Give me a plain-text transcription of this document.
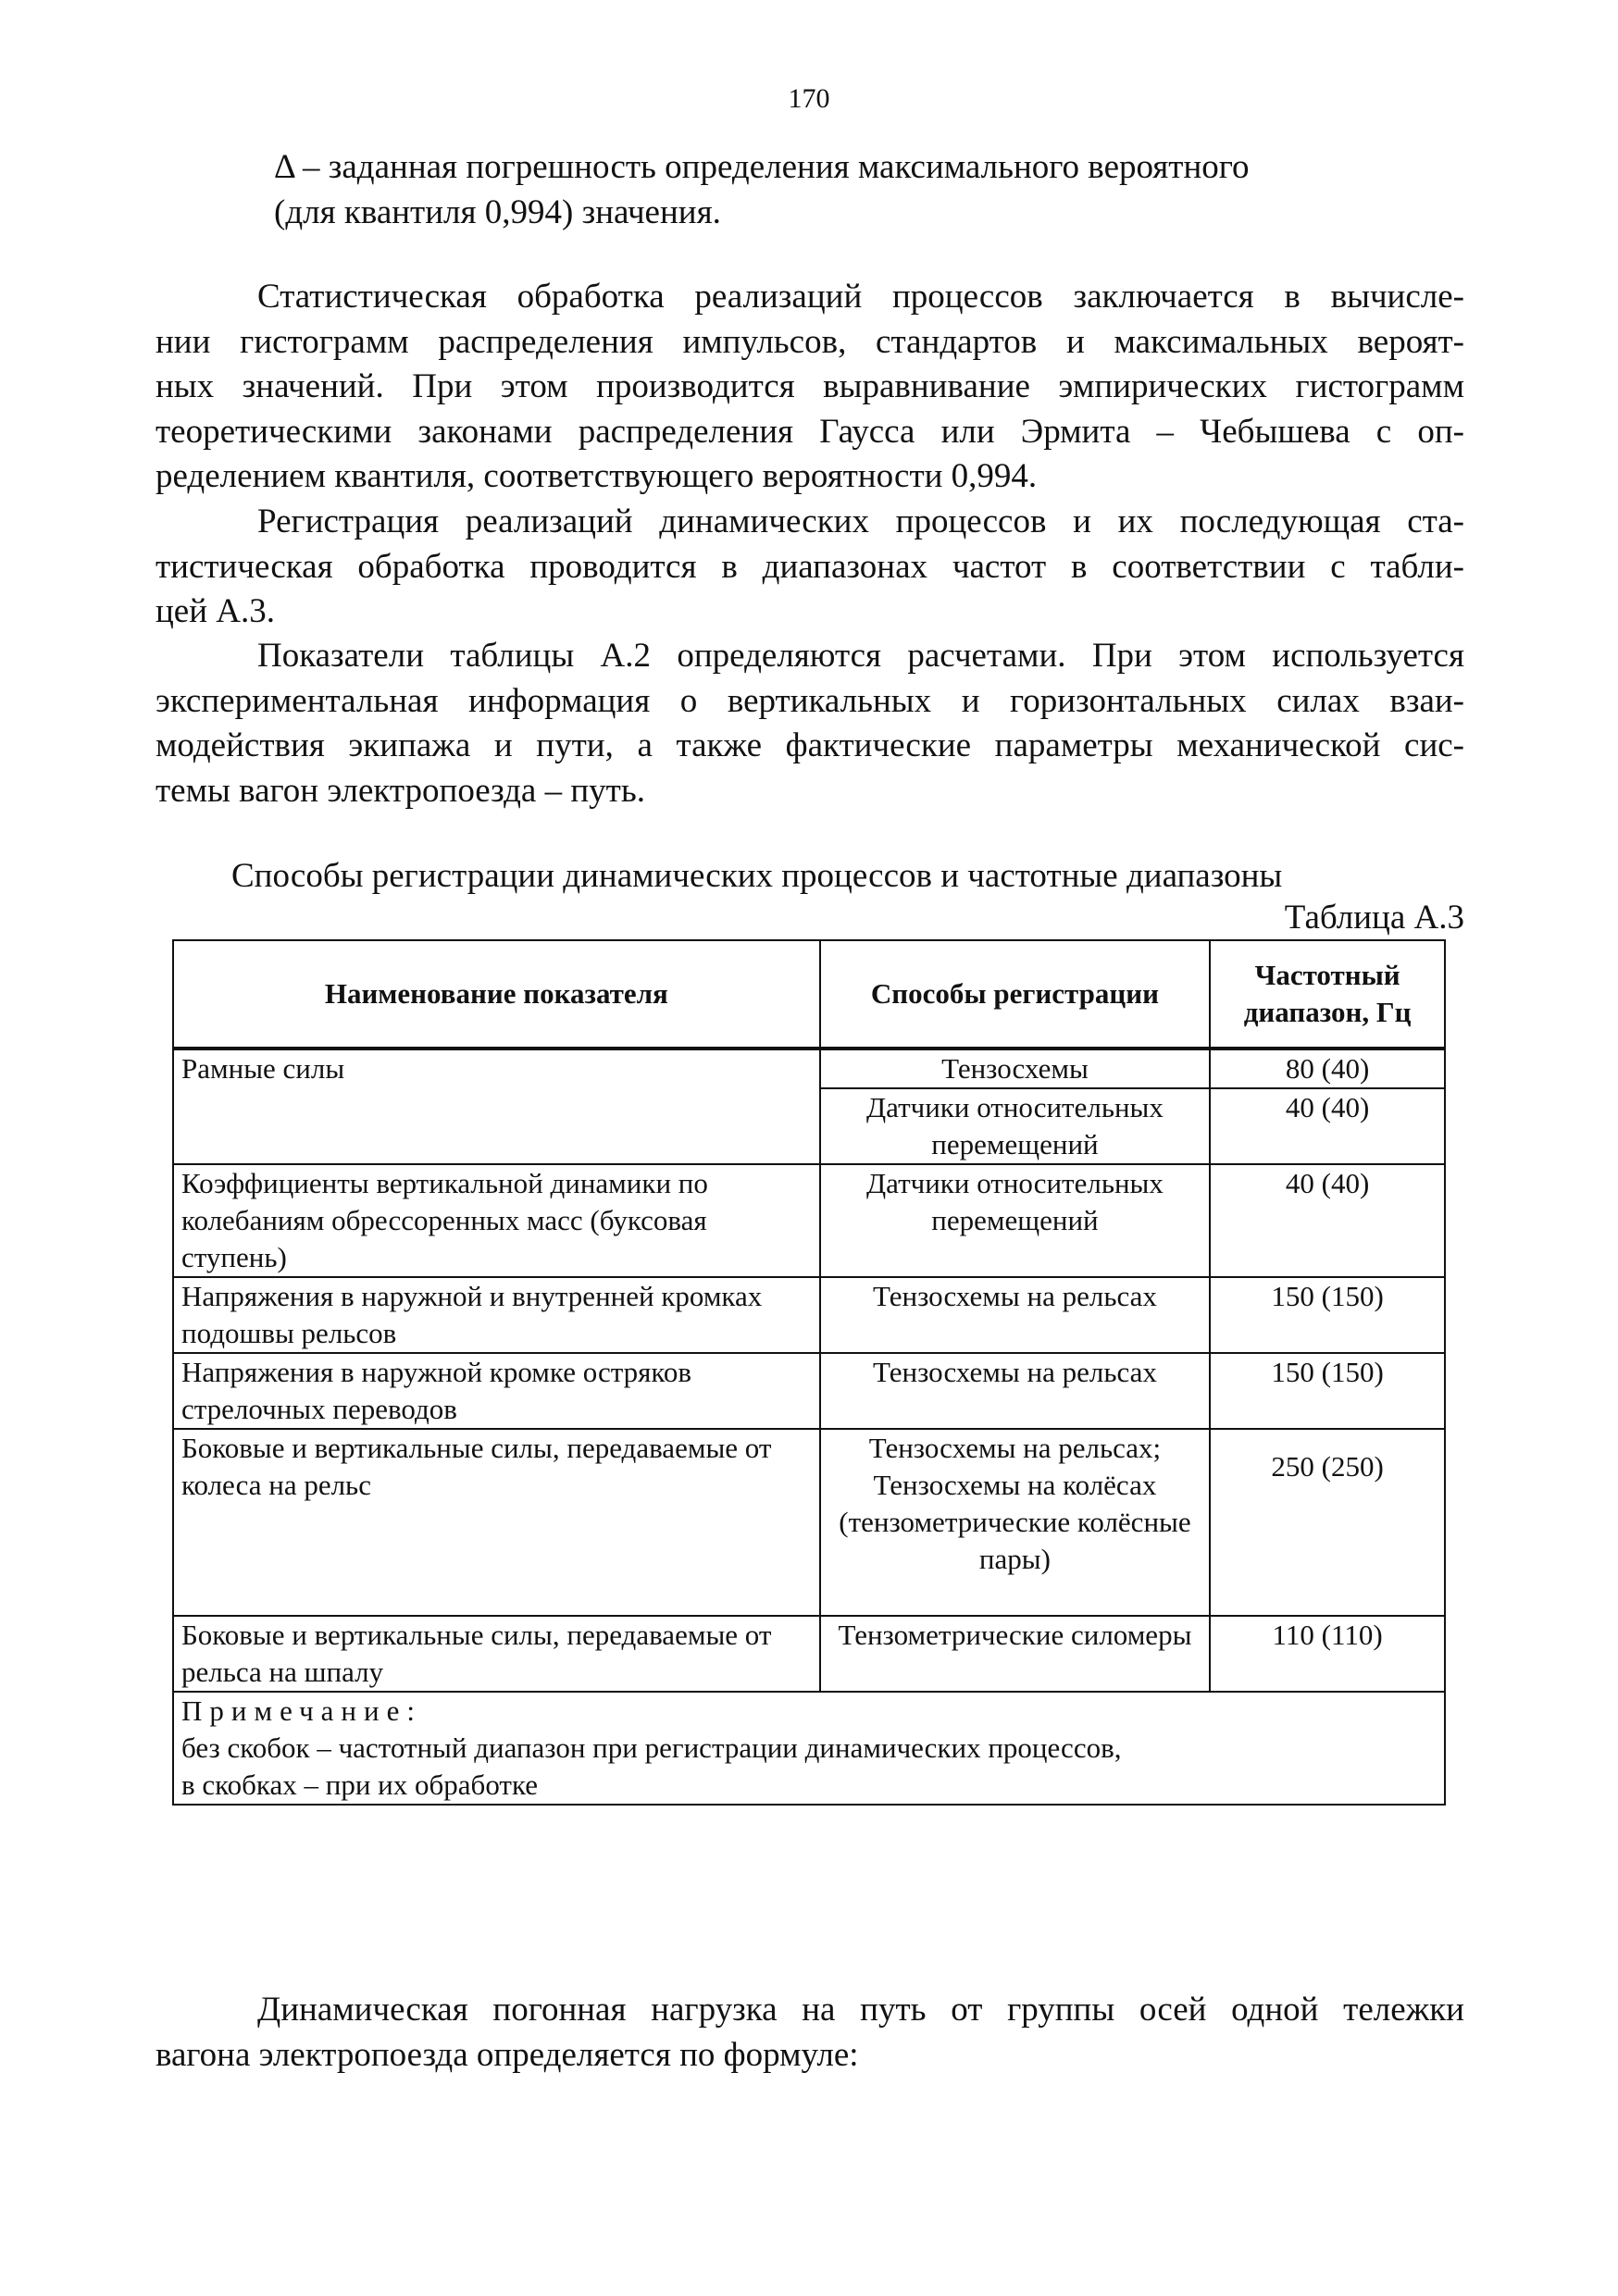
170
Δ – заданная погрешность определения максимального вероятного
(для квантиля 0,994) значения.
Статистическая обработка реализаций процессов заключается в вычисле-
нии гистограмм распределения импульсов, стандартов и максимальных вероят-
ных значений. При этом производится выравнивание эмпирических гистограмм
теоретическими законами распределения Гаусса или Эрмита – Чебышева с оп-
ределением квантиля, соответствующего вероятности 0,994.
Регистрация реализаций динамических процессов и их последующая ста-
тистическая обработка проводится в диапазонах частот в соответствии с табли-
цей А.3.
Показатели таблицы А.2 определяются расчетами. При этом используется
экспериментальная информация о вертикальных и горизонтальных силах взаи-
модействия экипажа и пути, а также фактические параметры механической сис-
темы вагон электропоезда – путь.
Способы регистрации динамических процессов и частотные диапазоны
Таблица А.3
Наименование показателя	Способы регистрации	Частотный диапазон, Гц
Рамные силы	Тензосхемы	80 (40)
	Датчики относительных перемещений	40 (40)
Коэффициенты вертикальной динамики по колебаниям обрессоренных масс (буксовая ступень)	Датчики относительных перемещений	40 (40)
Напряжения в наружной и внутренней кромках подошвы рельсов	Тензосхемы на рельсах	150 (150)
Напряжения в наружной кромке остряков стрелочных переводов	Тензосхемы на рельсах	150 (150)
Боковые и вертикальные силы, передаваемые от колеса на рельс	Тензосхемы на рельсах; Тензосхемы на колёсах (тензометрические колёсные пары)	250 (250)
Боковые и вертикальные силы, передаваемые от рельса на шпалу	Тензометрические силомеры	110 (110)

Примечание:
без скобок – частотный диапазон при регистрации динамических процессов,
в скобках – при их обработке		
Динамическая погонная нагрузка на путь от группы осей одной тележки
вагона электропоезда определяется по формуле:
